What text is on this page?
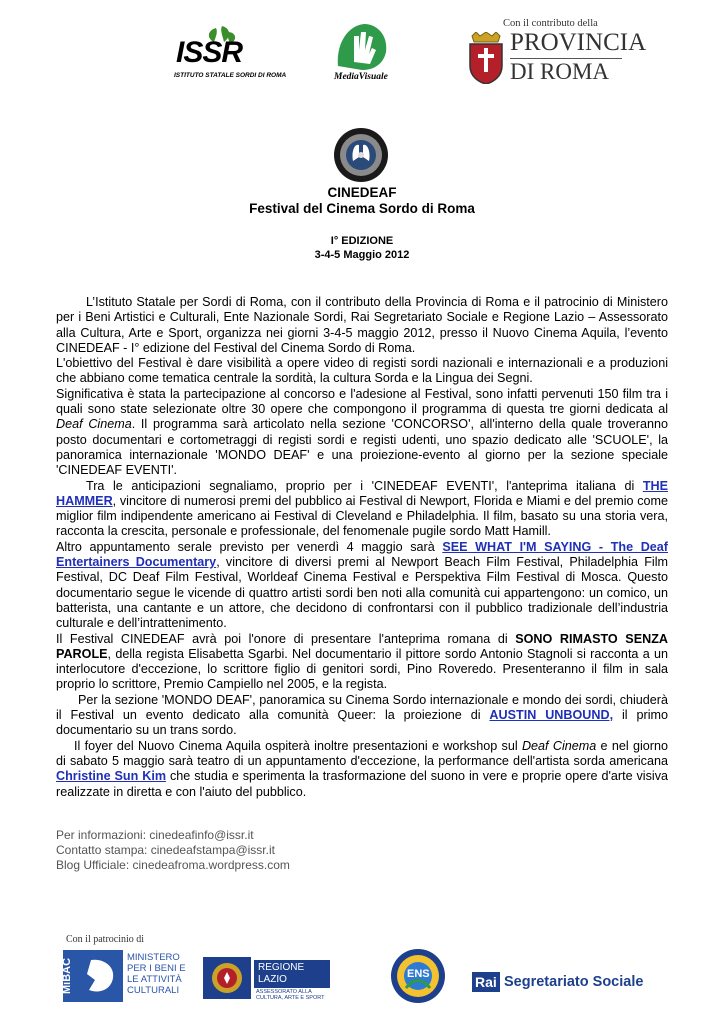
Con il contributo della
ISSR
ISTITUTO STATALE SORDI DI ROMA	MediaVisuale
PROVINCIA
DI ROMA
CINEDEAF
Festival del Cinema Sordo di Roma
I° EDIZIONE
3-4-5 Maggio 2012

L’Istituto Statale per Sordi di Roma, con il contributo della Provincia di Roma e il patrocinio di Ministero per i Beni Artistici e Culturali, Ente Nazionale Sordi, Rai Segretariato Sociale e Regione Lazio – Assessorato alla Cultura, Arte e Sport, organizza nei giorni 3-4-5 maggio 2012, presso il Nuovo Cinema Aquila, l’evento CINEDEAF - I° edizione del Festival del Cinema Sordo di Roma.

L'obiettivo del Festival è dare visibilità a opere video di registi sordi nazionali e internazionali e a produzioni che abbiano come tematica centrale la sordità, la cultura Sorda e la Lingua dei Segni.

Significativa è stata la partecipazione al concorso e l'adesione al Festival, sono infatti pervenuti 150 film tra i quali sono state selezionate oltre 30 opere che compongono il programma di questa tre giorni dedicata al Deaf Cinema. Il programma sarà articolato nella sezione 'CONCORSO', all'interno della quale troveranno posto documentari e cortometraggi di registi sordi e registi udenti, uno spazio dedicato alle 'SCUOLE', la panoramica internazionale 'MONDO DEAF' e una proiezione-evento al giorno per la sezione speciale 'CINEDEAF EVENTI'.

Tra le anticipazioni segnaliamo, proprio per i 'CINEDEAF EVENTI', l'anteprima italiana di THE HAMMER, vincitore di numerosi premi del pubblico ai Festival di Newport, Florida e Miami e del premio come miglior film indipendente americano ai Festival di Cleveland e Philadelphia. Il film, basato su una storia vera, racconta la crescita, personale e professionale, del fenomenale pugile sordo Matt Hamill.

Altro appuntamento serale previsto per venerdì 4 maggio sarà SEE WHAT I'M SAYING - The Deaf Entertainers Documentary, vincitore di diversi premi al Newport Beach Film Festival, Philadelphia Film Festival, DC Deaf Film Festival, Worldeaf Cinema Festival e Perspektiva Film Festival di Mosca. Questo documentario segue le vicende di quattro artisti sordi ben noti alla comunità cui appartengono: un comico, un batterista, una cantante e un attore, che decidono di confrontarsi con il pubblico tradizionale dell’industria culturale e dell’intrattenimento.

Il Festival CINEDEAF avrà poi l'onore di presentare l'anteprima romana di SONO RIMASTO SENZA PAROLE, della regista Elisabetta Sgarbi. Nel documentario il pittore sordo Antonio Stagnoli si racconta a un interlocutore d'eccezione, lo scrittore figlio di genitori sordi, Pino Roveredo. Presenteranno il film in sala proprio lo scrittore, Premio Campiello nel 2005, e la regista.

Per la sezione 'MONDO DEAF', panoramica su Cinema Sordo internazionale e mondo dei sordi, chiuderà il Festival un evento dedicato alla comunità Queer: la proiezione di AUSTIN UNBOUND, il primo documentario su un trans sordo.

Il foyer del Nuovo Cinema Aquila ospiterà inoltre presentazioni e workshop sul Deaf Cinema e nel giorno di sabato 5 maggio sarà teatro di un appuntamento d'eccezione, la performance dell'artista sorda americana Christine Sun Kim che studia e sperimenta la trasformazione del suono in vere e proprie opere d'arte visiva realizzate in diretta e con l'aiuto del pubblico.

Per informazioni: cinedeafinfo@issr.it
Contatto stampa: cinedeafstampa@issr.it
Blog Ufficiale: cinedeafroma.wordpress.com
Con il patrocinio di
MiBAC
MINISTERO
PER I BENI E
LE ATTIVITÀ
CULTURALI
REGIONE
LAZIO
ASSESSORATO ALLA CULTURA, ARTE E SPORT
ENS	Rai Segretariato Sociale
